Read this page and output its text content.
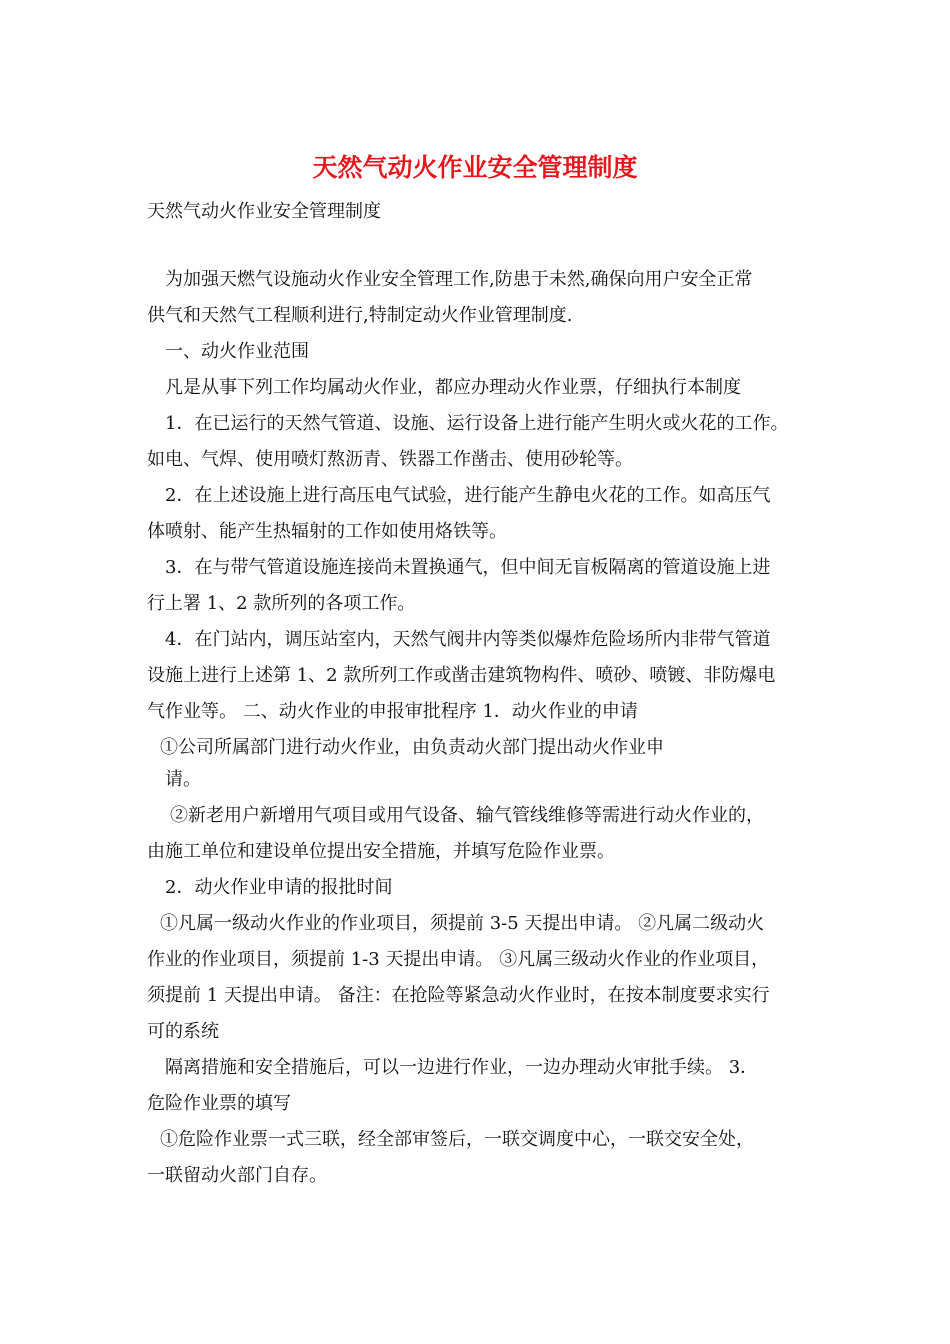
天然气动火作业安全管理制度

天然气动火作业安全管理制度

为加强天燃气设施动火作业安全管理工作,防患于未然,确保向用户安全正常

供气和天然气工程顺利进行,特制定动火作业管理制度.

一、动火作业范围

凡是从事下列工作均属动火作业，都应办理动火作业票，仔细执行本制度

1．在已运行的天然气管道、设施、运行设备上进行能产生明火或火花的工作。

如电、气焊、使用喷灯熬沥青、铁器工作凿击、使用砂轮等。

2．在上述设施上进行高压电气试验，进行能产生静电火花的工作。如高压气

体喷射、能产生热辐射的工作如使用烙铁等。

3．在与带气管道设施连接尚未置换通气，但中间无盲板隔离的管道设施上进

行上署 1、2 款所列的各项工作。

4．在门站内，调压站室内，天然气阀井内等类似爆炸危险场所内非带气管道

设施上进行上述第 1、2 款所列工作或凿击建筑物构件、喷砂、喷镀、非防爆电

气作业等。 二、动火作业的申报审批程序 1．动火作业的申请

①公司所属部门进行动火作业，由负责动火部门提出动火作业申

请。

②新老用户新增用气项目或用气设备、输气管线维修等需进行动火作业的，

由施工单位和建设单位提出安全措施，并填写危险作业票。

2．动火作业申请的报批时间

①凡属一级动火作业的作业项目，须提前 3-5 天提出申请。 ②凡属二级动火

作业的作业项目，须提前 1-3 天提出申请。 ③凡属三级动火作业的作业项目，

须提前 1 天提出申请。 备注：在抢险等紧急动火作业时，在按本制度要求实行

可的系统

隔离措施和安全措施后，可以一边进行作业，一边办理动火审批手续。 3．

危险作业票的填写

①危险作业票一式三联，经全部审签后，一联交调度中心，一联交安全处，

一联留动火部门自存。
